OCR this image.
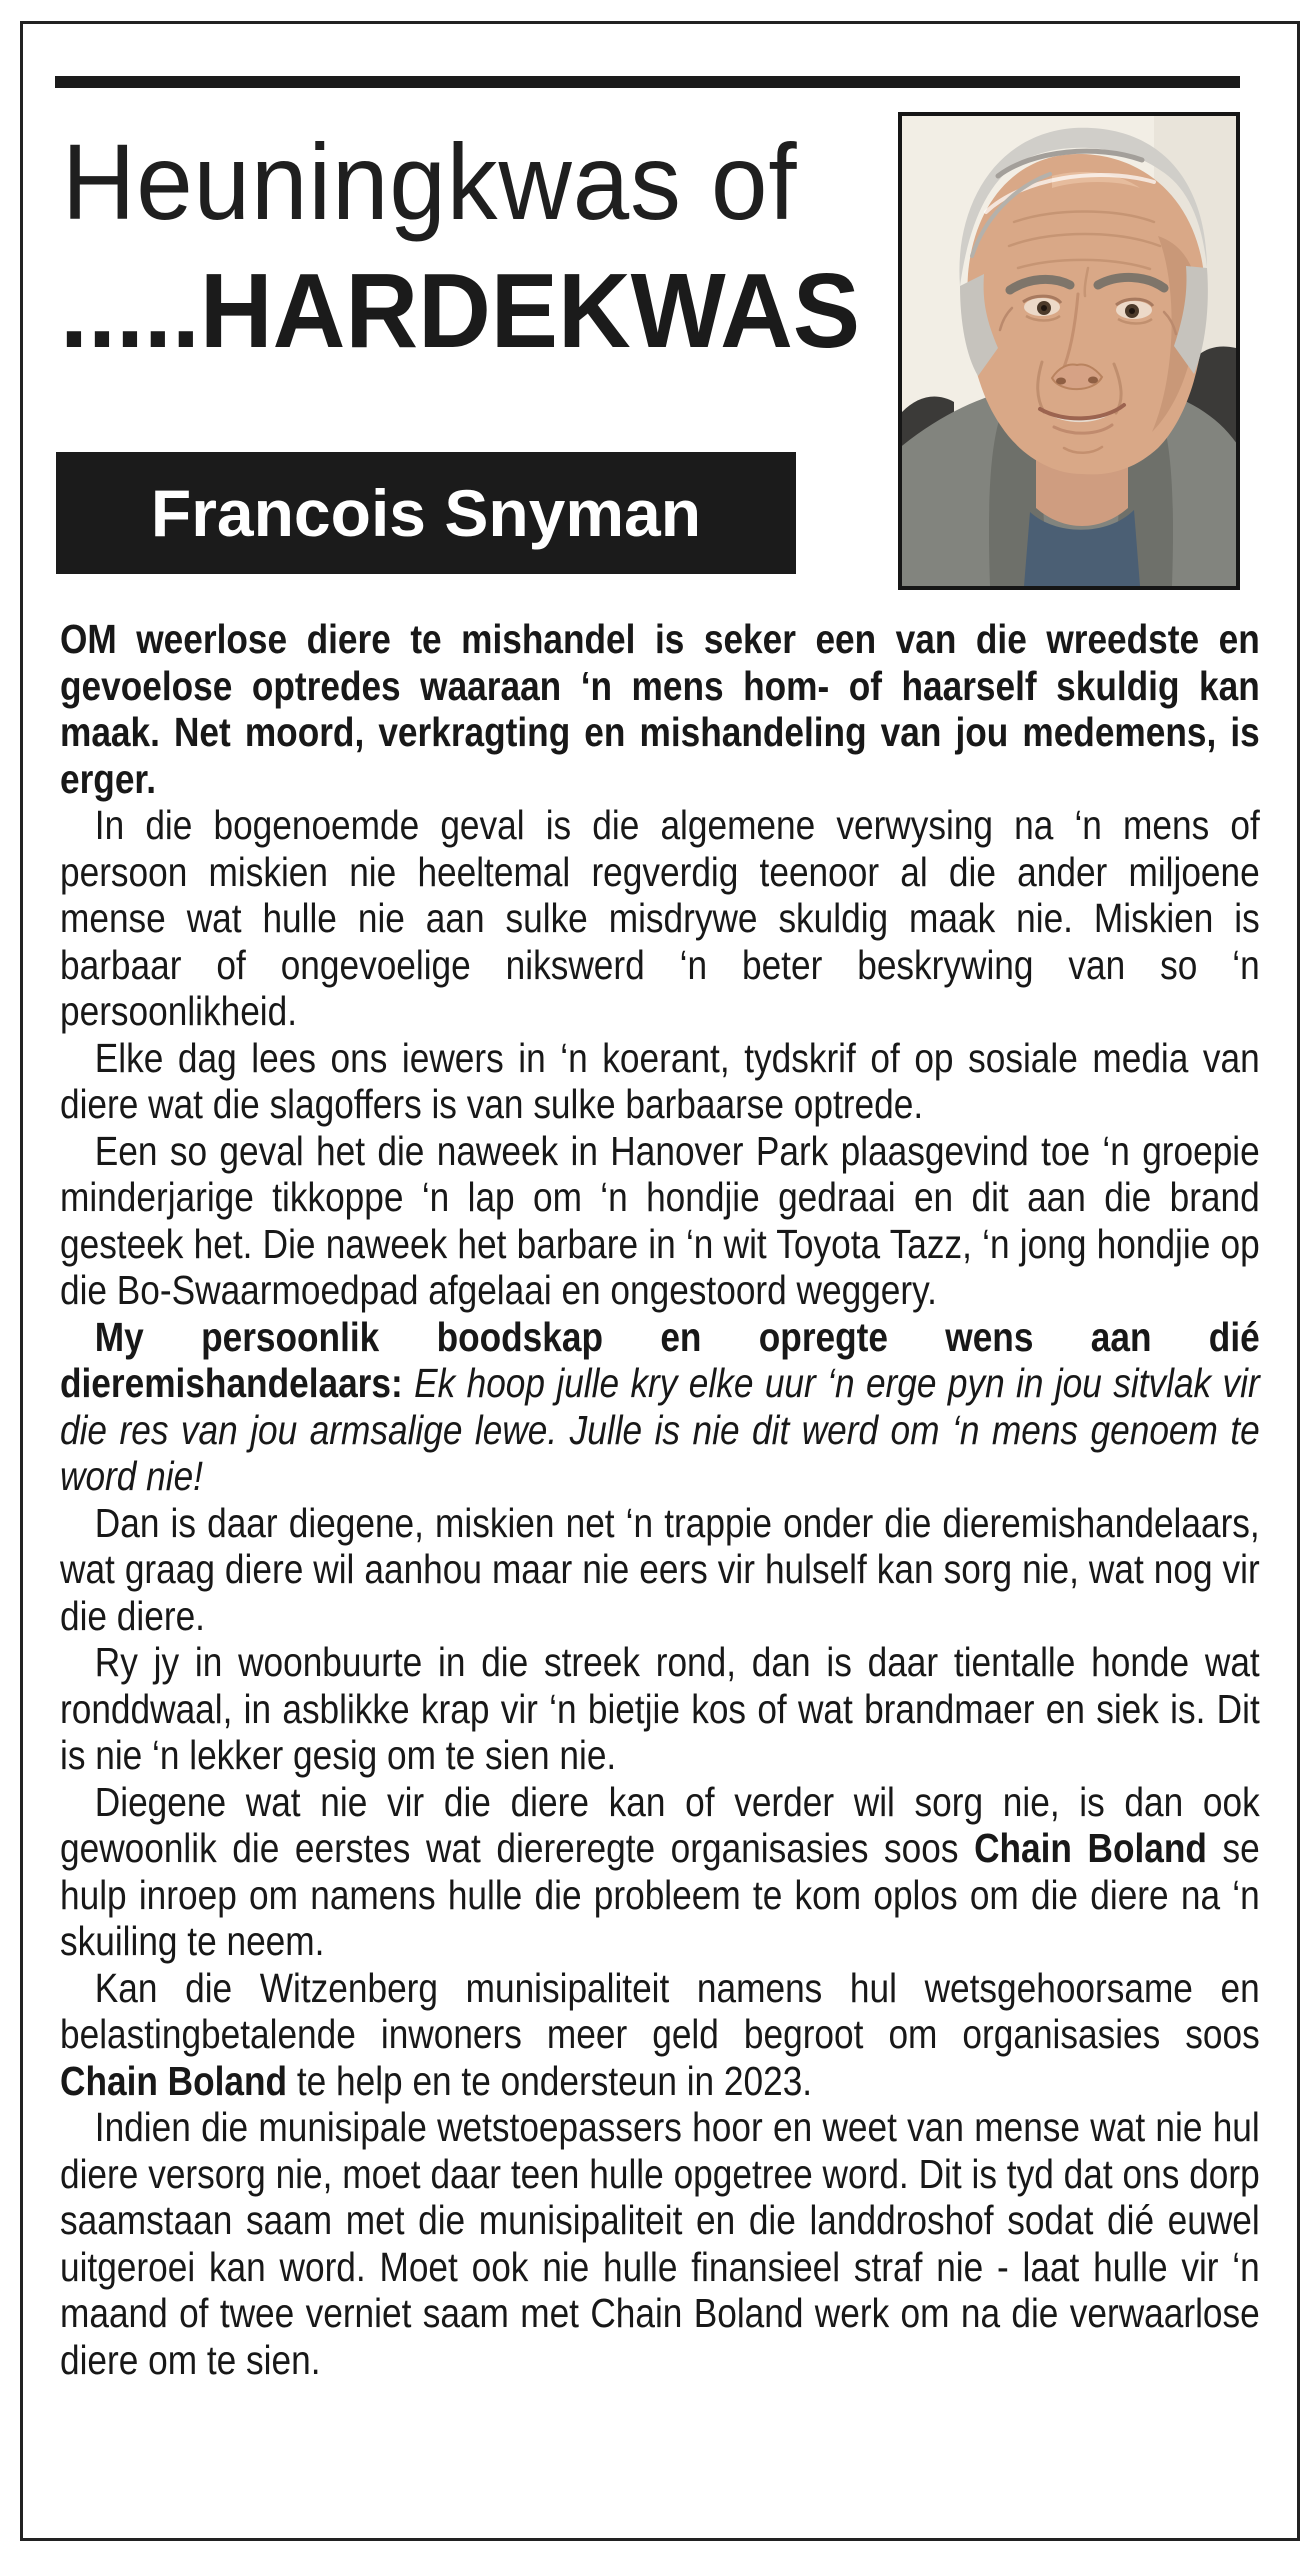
Heuningkwas of
.....HARDEKWAS
Francois Snyman

OM weerlose diere te mishandel is seker een van die wreedste en gevoelose optredes waaraan ‘n mens hom- of haarself skuldig kan maak. Net moord, verkragting en mishandeling van jou medemens, is erger.

In die bogenoemde geval is die algemene verwysing na ‘n mens of persoon miskien nie heeltemal regverdig teenoor al die ander miljoene mense wat hulle nie aan sulke misdrywe skuldig maak nie. Miskien is barbaar of ongevoelige nikswerd ‘n beter beskrywing van so ‘n persoonlikheid.

Elke dag lees ons iewers in ‘n koerant, tydskrif of op sosiale media van diere wat die slagoffers is van sulke barbaarse optrede.

Een so geval het die naweek in Hanover Park plaasgevind toe ‘n groepie minderjarige tikkoppe ‘n lap om ‘n hondjie gedraai en dit aan die brand gesteek het. Die naweek het barbare in ‘n wit Toyota Tazz, ‘n jong hondjie op die Bo-Swaarmoedpad afgelaai en ongestoord weggery.

My persoonlik boodskap en opregte wens aan dié dieremishandelaars: Ek hoop julle kry elke uur ‘n erge pyn in jou sitvlak vir die res van jou armsalige lewe. Julle is nie dit werd om ‘n mens genoem te word nie!

Dan is daar diegene, miskien net ‘n trappie onder die dieremishandelaars, wat graag diere wil aanhou maar nie eers vir hulself kan sorg nie, wat nog vir die diere.

Ry jy in woonbuurte in die streek rond, dan is daar tientalle honde wat ronddwaal, in asblikke krap vir ‘n bietjie kos of wat brandmaer en siek is. Dit is nie ‘n lekker gesig om te sien nie.

Diegene wat nie vir die diere kan of verder wil sorg nie, is dan ook gewoonlik die eerstes wat diereregte organisasies soos Chain Boland se hulp inroep om namens hulle die probleem te kom oplos om die diere na ‘n skuiling te neem.

Kan die Witzenberg munisipaliteit namens hul wetsgehoorsame en belastingbetalende inwoners meer geld begroot om organisasies soos Chain Boland te help en te ondersteun in 2023.

Indien die munisipale wetstoepassers hoor en weet van mense wat nie hul diere versorg nie, moet daar teen hulle opgetree word. Dit is tyd dat ons dorp saamstaan saam met die munisipaliteit en die landdroshof sodat dié euwel uitgeroei kan word. Moet ook nie hulle finansieel straf nie - laat hulle vir ‘n maand of twee verniet saam met Chain Boland werk om na die verwaarlose diere om te sien.
